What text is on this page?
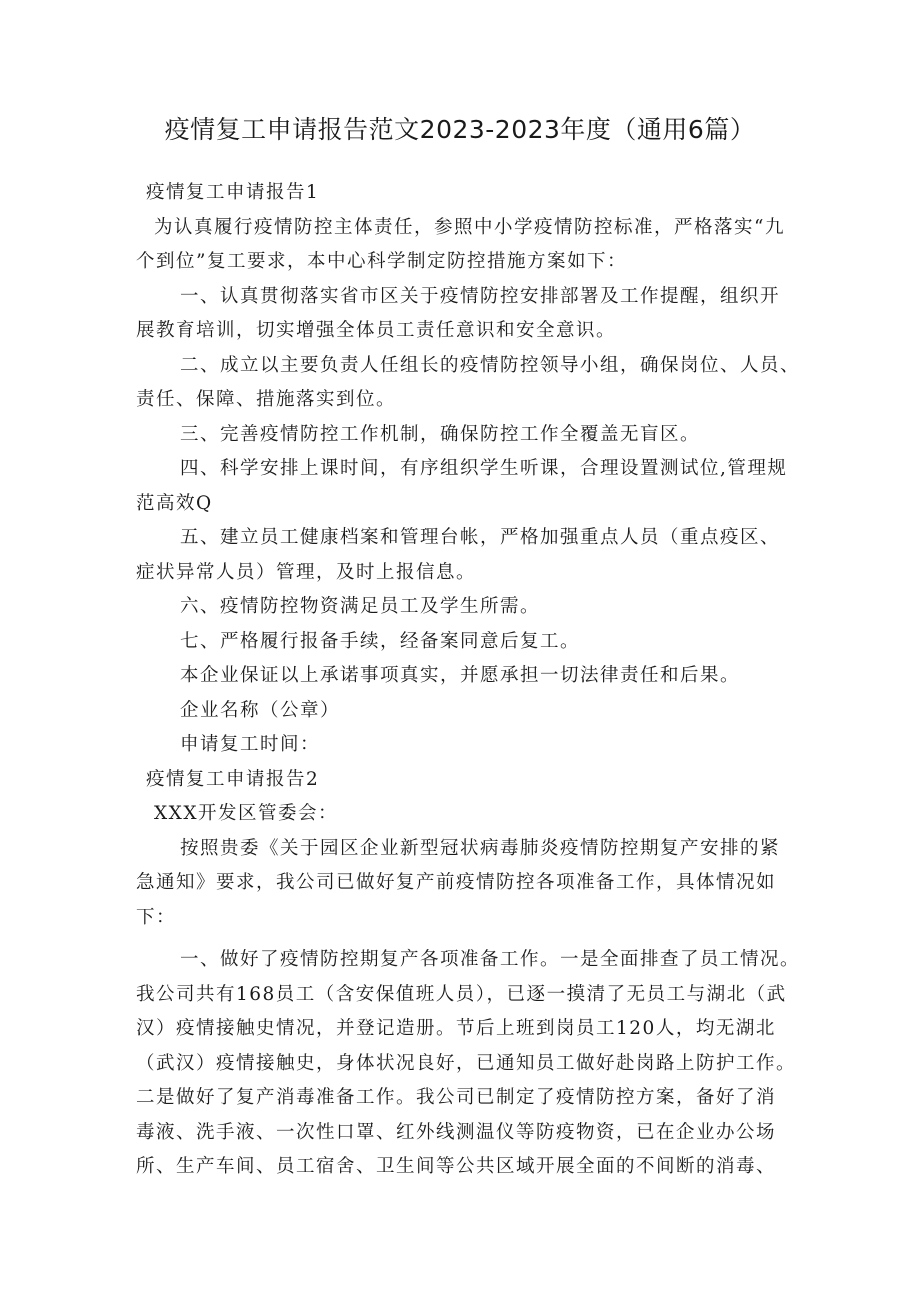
疫情复工申请报告范文2023-2023年度（通用6篇）
疫情复工申请报告1
为认真履行疫情防控主体责任，参照中小学疫情防控标准，严格落实“九
个到位”复工要求，本中心科学制定防控措施方案如下：
一、认真贯彻落实省市区关于疫情防控安排部署及工作提醒，组织开
展教育培训，切实增强全体员工责任意识和安全意识。
二、成立以主要负责人任组长的疫情防控领导小组，确保岗位、人员、
责任、保障、措施落实到位。
三、完善疫情防控工作机制，确保防控工作全覆盖无盲区。
四、科学安排上课时间，有序组织学生听课，合理设置测试位,管理规
范高效Q
五、建立员工健康档案和管理台帐，严格加强重点人员（重点疫区、
症状异常人员）管理，及时上报信息。
六、疫情防控物资满足员工及学生所需。
七、严格履行报备手续，经备案同意后复工。
本企业保证以上承诺事项真实，并愿承担一切法律责任和后果。
企业名称（公章）
申请复工时间：
疫情复工申请报告2
XXX开发区管委会：
按照贵委《关于园区企业新型冠状病毒肺炎疫情防控期复产安排的紧
急通知》要求，我公司已做好复产前疫情防控各项准备工作，具体情况如
下：
一、做好了疫情防控期复产各项准备工作。一是全面排查了员工情况。
我公司共有168员工（含安保值班人员），已逐一摸清了无员工与湖北（武
汉）疫情接触史情况，并登记造册。节后上班到岗员工120人，均无湖北
（武汉）疫情接触史，身体状况良好，已通知员工做好赴岗路上防护工作。
二是做好了复产消毒准备工作。我公司已制定了疫情防控方案，备好了消
毒液、洗手液、一次性口罩、红外线测温仪等防疫物资，已在企业办公场
所、生产车间、员工宿舍、卫生间等公共区域开展全面的不间断的消毒、
